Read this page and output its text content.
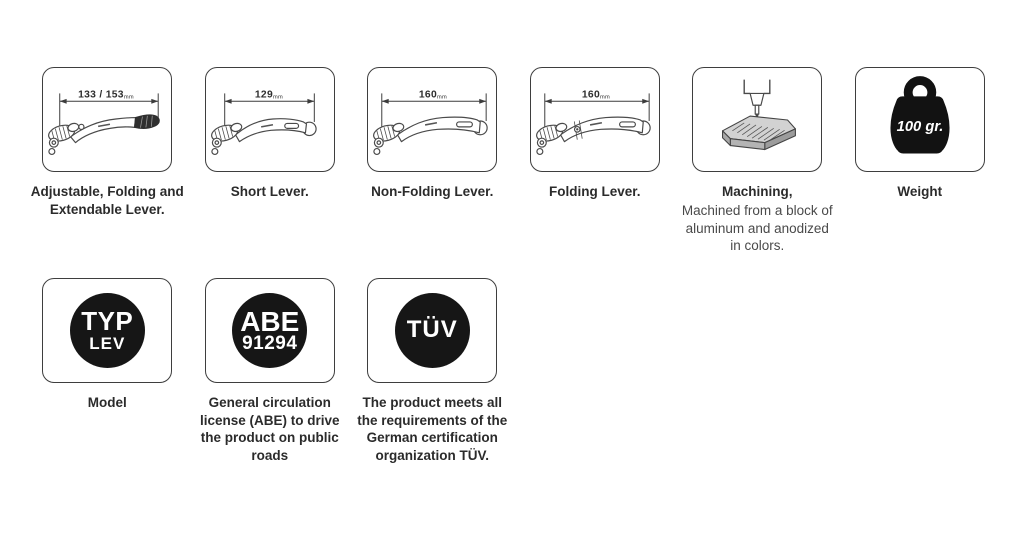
133 / 153mm
Adjustable, Folding and Extendable Lever.
129mm
Short Lever.
160mm
Non-Folding Lever.
160mm
Folding Lever.	Machining,
Machined from a block of aluminum and anodized in colors.
100 gr.
Weight
TYP
LEV
Model
ABE
91294
General circulation license (ABE) to drive the product on public roads
TÜV
The product meets all the requirements of the German certification organization TÜV.
